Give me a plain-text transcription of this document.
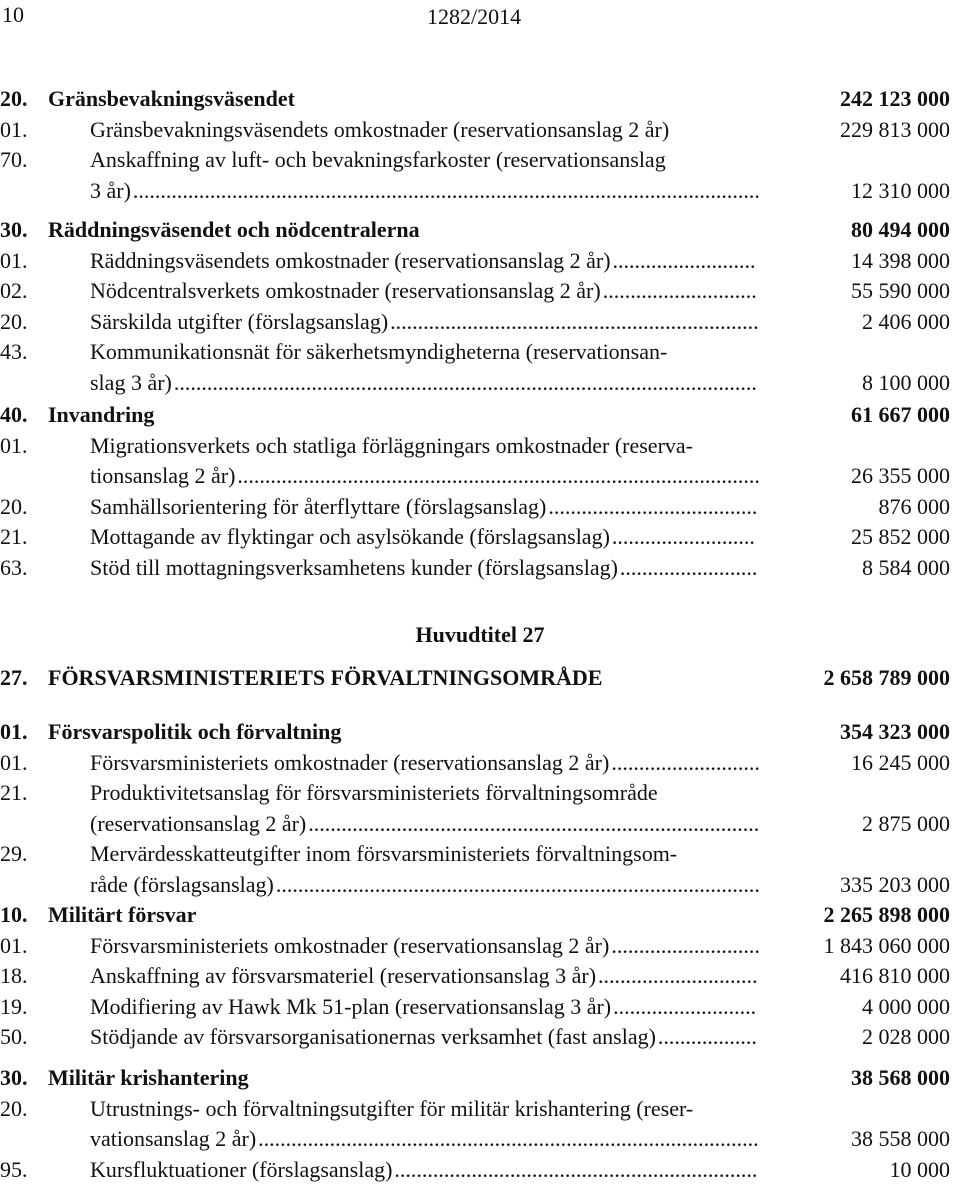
10	1282/2014
20. Gränsbevakningsväsendet	242 123 000
01.	Gränsbevakningsväsendets omkostnader (reservationsanslag 2 år)	229 813 000
70.	Anskaffning av luft- och bevakningsfarkoster (reservationsanslag
3 år)	12 310 000
..................................................................................................................
30. Räddningsväsendet och nödcentralerna	80 494 000
01.	Räddningsväsendets omkostnader (reservationsanslag 2 år)	14 398 000
..........................
02.	Nödcentralsverkets omkostnader (reservationsanslag 2 år)	55 590 000
............................
20.	Särskilda utgifter (förslagsanslag)	2 406 000
...................................................................
43.	Kommunikationsnät för säkerhetsmyndigheterna (reservationsan-
slag 3 år)	8 100 000
..........................................................................................................
40. Invandring	61 667 000
01.	Migrationsverkets och statliga förläggningars omkostnader (reserva-
tionsanslag 2 år)	26 355 000
...............................................................................................
20.	Samhällsorientering för återflyttare (förslagsanslag)	876 000
......................................
21.	Mottagande av flyktingar och asylsökande (förslagsanslag)	25 852 000
..........................
63.	Stöd till mottagningsverksamhetens kunder (förslagsanslag)	8 584 000
.........................
Huvudtitel 27
27. FÖRSVARSMINISTERIETS FÖRVALTNINGSOMRÅDE	2 658 789 000
01. Försvarspolitik och förvaltning	354 323 000
01.	Försvarsministeriets omkostnader (reservationsanslag 2 år)	16 245 000
...........................
21.	Produktivitetsanslag för försvarsministeriets förvaltningsområde
(reservationsanslag 2 år)	2 875 000
..................................................................................
29.	Mervärdesskatteutgifter inom försvarsministeriets förvaltningsom-
råde (förslagsanslag)	335 203 000
........................................................................................
10. Militärt försvar	2 265 898 000
01.	Försvarsministeriets omkostnader (reservationsanslag 2 år)	1 843 060 000
...........................
18.	Anskaffning av försvarsmateriel (reservationsanslag 3 år)	416 810 000
.............................
19.	Modifiering av Hawk Mk 51-plan (reservationsanslag 3 år)	4 000 000
..........................
50.	Stödjande av försvarsorganisationernas verksamhet (fast anslag)	2 028 000
..................
30. Militär krishantering	38 568 000
20.	Utrustnings- och förvaltningsutgifter för militär krishantering (reser-
vationsanslag 2 år)	38 558 000
...........................................................................................
95.	Kursfluktuationer (förslagsanslag)	10 000
..................................................................
